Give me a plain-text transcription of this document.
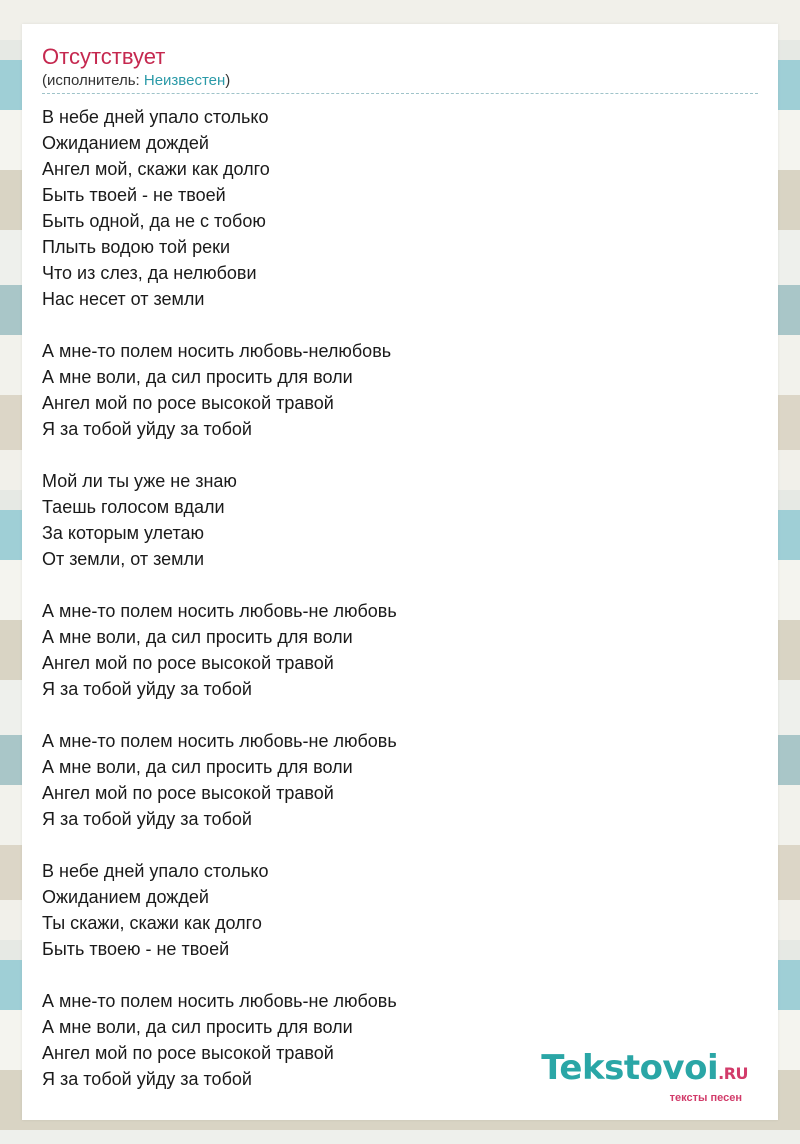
Отсутствует
(исполнитель: Неизвестен)
В небе дней упало столько
Ожиданием дождей
Ангел мой, скажи как долго
Быть твоей - не твоей
Быть одной, да не с тобою
Плыть водою той реки
Что из слез, да нелюбови
Нас несет от земли
А мне-то полем носить любовь-нелюбовь
А мне воли, да сил просить для воли
Ангел мой по росе высокой травой
Я за тобой уйду за тобой
Мой ли ты уже не знаю
Таешь голосом вдали
За которым улетаю
От земли, от земли
А мне-то полем носить любовь-не любовь
А мне воли, да сил просить для воли
Ангел мой по росе высокой травой
Я за тобой уйду за тобой
А мне-то полем носить любовь-не любовь
А мне воли, да сил просить для воли
Ангел мой по росе высокой травой
Я за тобой уйду за тобой
В небе дней упало столько
Ожиданием дождей
Ты скажи, скажи как долго
Быть твоею - не твоей
А мне-то полем носить любовь-не любовь
А мне воли, да сил просить для воли
Ангел мой по росе высокой травой
Я за тобой уйду за тобой	Tekstovoi.RU
тексты песен
